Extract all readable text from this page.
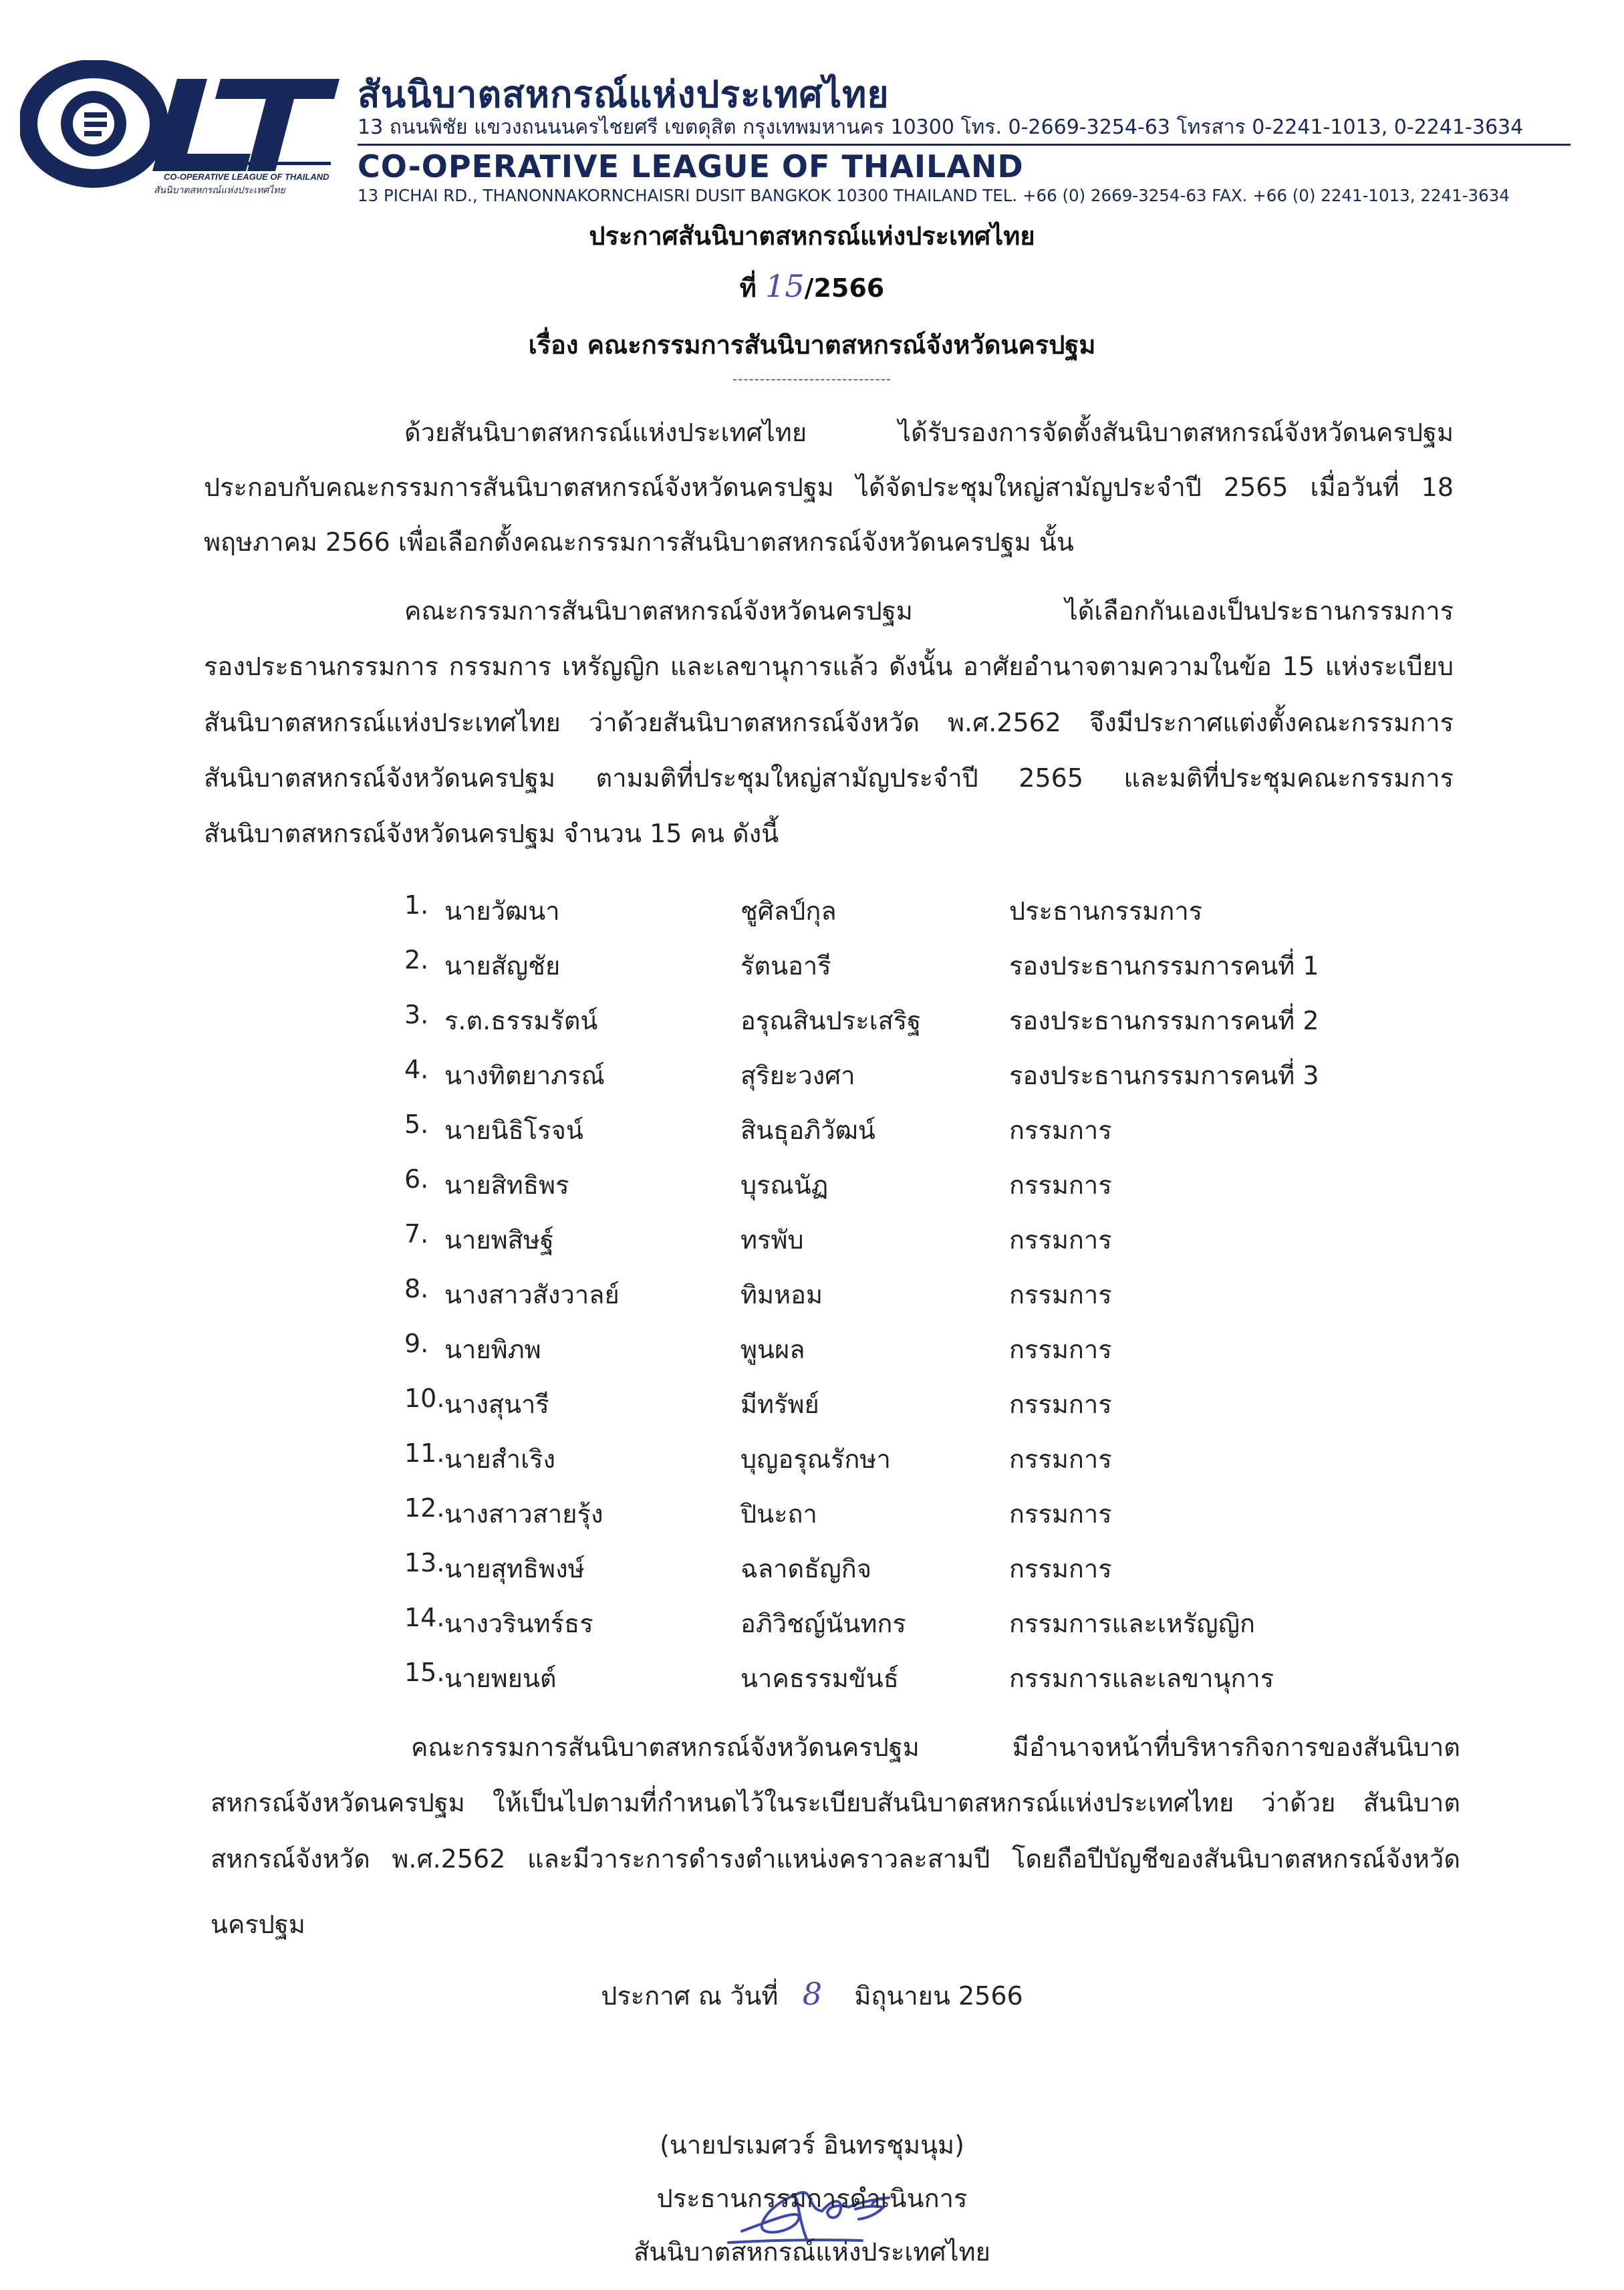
CO-OPERATIVE LEAGUE OF THAILAND
สันนิบาตสหกรณ์แห่งประเทศไทย
สันนิบาตสหกรณ์แห่งประเทศไทย
13 ถนนพิชัย แขวงถนนนครไชยศรี เขตดุสิต กรุงเทพมหานคร 10300 โทร. 0-2669-3254-63 โทรสาร 0-2241-1013, 0-2241-3634
CO-OPERATIVE LEAGUE OF THAILAND
13 PICHAI RD., THANONNAKORNCHAISRI DUSIT BANGKOK 10300 THAILAND TEL. +66 (0) 2669-3254-63 FAX. +66 (0) 2241-1013, 2241-3634
ประกาศสันนิบาตสหกรณ์แห่งประเทศไทย
ที่ 15/2566
เรื่อง คณะกรรมการสันนิบาตสหกรณ์จังหวัดนครปฐม
-----------------------------
ด้วยสันนิบาตสหกรณ์แห่งประเทศไทย ได้รับรองการจัดตั้งสันนิบาตสหกรณ์จังหวัดนครปฐม
ประกอบกับคณะกรรมการสันนิบาตสหกรณ์จังหวัดนครปฐม ได้จัดประชุมใหญ่สามัญประจำปี 2565 เมื่อวันที่ 18
พฤษภาคม 2566 เพื่อเลือกตั้งคณะกรรมการสันนิบาตสหกรณ์จังหวัดนครปฐม นั้น
คณะกรรมการสันนิบาตสหกรณ์จังหวัดนครปฐม ได้เลือกกันเองเป็นประธานกรรมการ
รองประธานกรรมการ กรรมการ เหรัญญิก และเลขานุการแล้ว ดังนั้น อาศัยอำนาจตามความในข้อ 15 แห่งระเบียบ
สันนิบาตสหกรณ์แห่งประเทศไทย ว่าด้วยสันนิบาตสหกรณ์จังหวัด พ.ศ.2562 จึงมีประกาศแต่งตั้งคณะกรรมการ
สันนิบาตสหกรณ์จังหวัดนครปฐม ตามมติที่ประชุมใหญ่สามัญประจำปี 2565 และมติที่ประชุมคณะกรรมการ
สันนิบาตสหกรณ์จังหวัดนครปฐม จำนวน 15 คน ดังนี้
1. นายวัฒนา	ชูศิลป์กุล	ประธานกรรมการ
2. นายสัญชัย	รัตนอารี	รองประธานกรรมการคนที่ 1
3. ร.ต.ธรรมรัตน์	อรุณสินประเสริฐ	รองประธานกรรมการคนที่ 2
4. นางทิตยาภรณ์	สุริยะวงศา	รองประธานกรรมการคนที่ 3
5. นายนิธิโรจน์	สินธุอภิวัฒน์	กรรมการ
6. นายสิทธิพร	บุรณนัฏ	กรรมการ
7. นายพสิษฐ์	ทรพับ	กรรมการ
8. นางสาวสังวาลย์	ทิมหอม	กรรมการ
9. นายพิภพ	พูนผล	กรรมการ
10. นางสุนารี	มีทรัพย์	กรรมการ
11. นายสำเริง	บุญอรุณรักษา	กรรมการ
12. นางสาวสายรุ้ง	ปินะถา	กรรมการ
13. นายสุทธิพงษ์	ฉลาดธัญกิจ	กรรมการ
14. นางวรินทร์ธร	อภิวิชญ์นันทกร	กรรมการและเหรัญญิก
15. นายพยนต์	นาคธรรมขันธ์	กรรมการและเลขานุการ
คณะกรรมการสันนิบาตสหกรณ์จังหวัดนครปฐม มีอำนาจหน้าที่บริหารกิจการของสันนิบาต
สหกรณ์จังหวัดนครปฐม ให้เป็นไปตามที่กำหนดไว้ในระเบียบสันนิบาตสหกรณ์แห่งประเทศไทย ว่าด้วย สันนิบาต
สหกรณ์จังหวัด พ.ศ.2562 และมีวาระการดำรงตำแหน่งคราวละสามปี โดยถือปีบัญชีของสันนิบาตสหกรณ์จังหวัด
นครปฐม
ประกาศ ณ วันที่ 8 มิถุนายน 2566
(นายปรเมศวร์ อินทรชุมนุม)
ประธานกรรมการดำเนินการ
สันนิบาตสหกรณ์แห่งประเทศไทย
